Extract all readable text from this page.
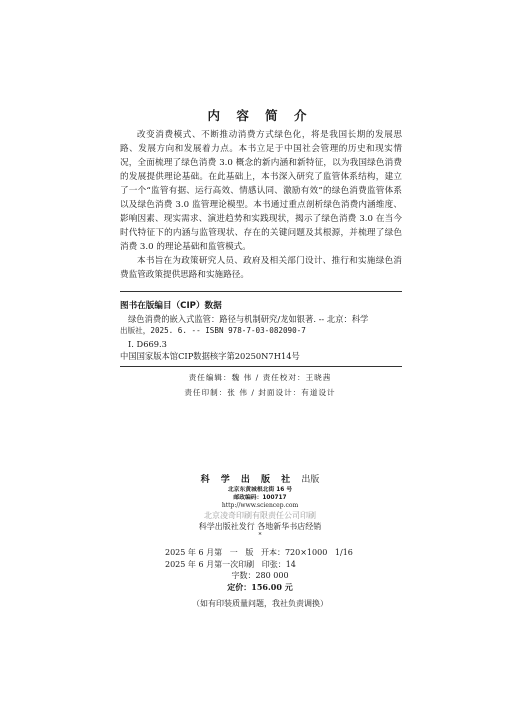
内 容 简 介

改变消费模式、不断推动消费方式绿色化，将是我国长期的发展思路、发展方向和发展着力点。本书立足于中国社会管理的历史和现实情况，全面梳理了绿色消费 3.0 概念的新内涵和新特征，以为我国绿色消费的发展提供理论基础。在此基础上，本书深入研究了监管体系结构，建立了一个“监管有据、运行高效、情感认同、激励有效”的绿色消费监管体系以及绿色消费 3.0 监管理论模型。本书通过重点剖析绿色消费内涵维度、影响因素、现实需求、演进趋势和实践现状，揭示了绿色消费 3.0 在当今时代特征下的内涵与监管现状、存在的关键问题及其根源，并梳理了绿色消费 3.0 的理论基础和监管模式。

本书旨在为政策研究人员、政府及相关部门设计、推行和实施绿色消费监管政策提供思路和实施路径。

图书在版编目（CIP）数据
绿色消费的嵌入式监管：路径与机制研究/龙如银著. -- 北京：科学
出版社，2025. 6. -- ISBN 978-7-03-082090-7
Ⅰ. D669.3
中国国家版本馆CIP数据核字第20250N7H14号
责任编辑：魏 伟 / 责任校对：王晓茜
责任印制：张 伟 / 封面设计：有道设计
科 学 出 版 社 出版
北京东黄城根北街 16 号
邮政编码：100717
http://www.sciencep.com
北京凌奇印刷有限责任公司印刷
科学出版社发行 各地新华书店经销
*
2025 年 6 月第   一   版   开本：720×1000   1/16
2025 年 6 月第一次印刷   印张：14
字数：280 000
定价：156.00 元
（如有印装质量问题，我社负责调换）
